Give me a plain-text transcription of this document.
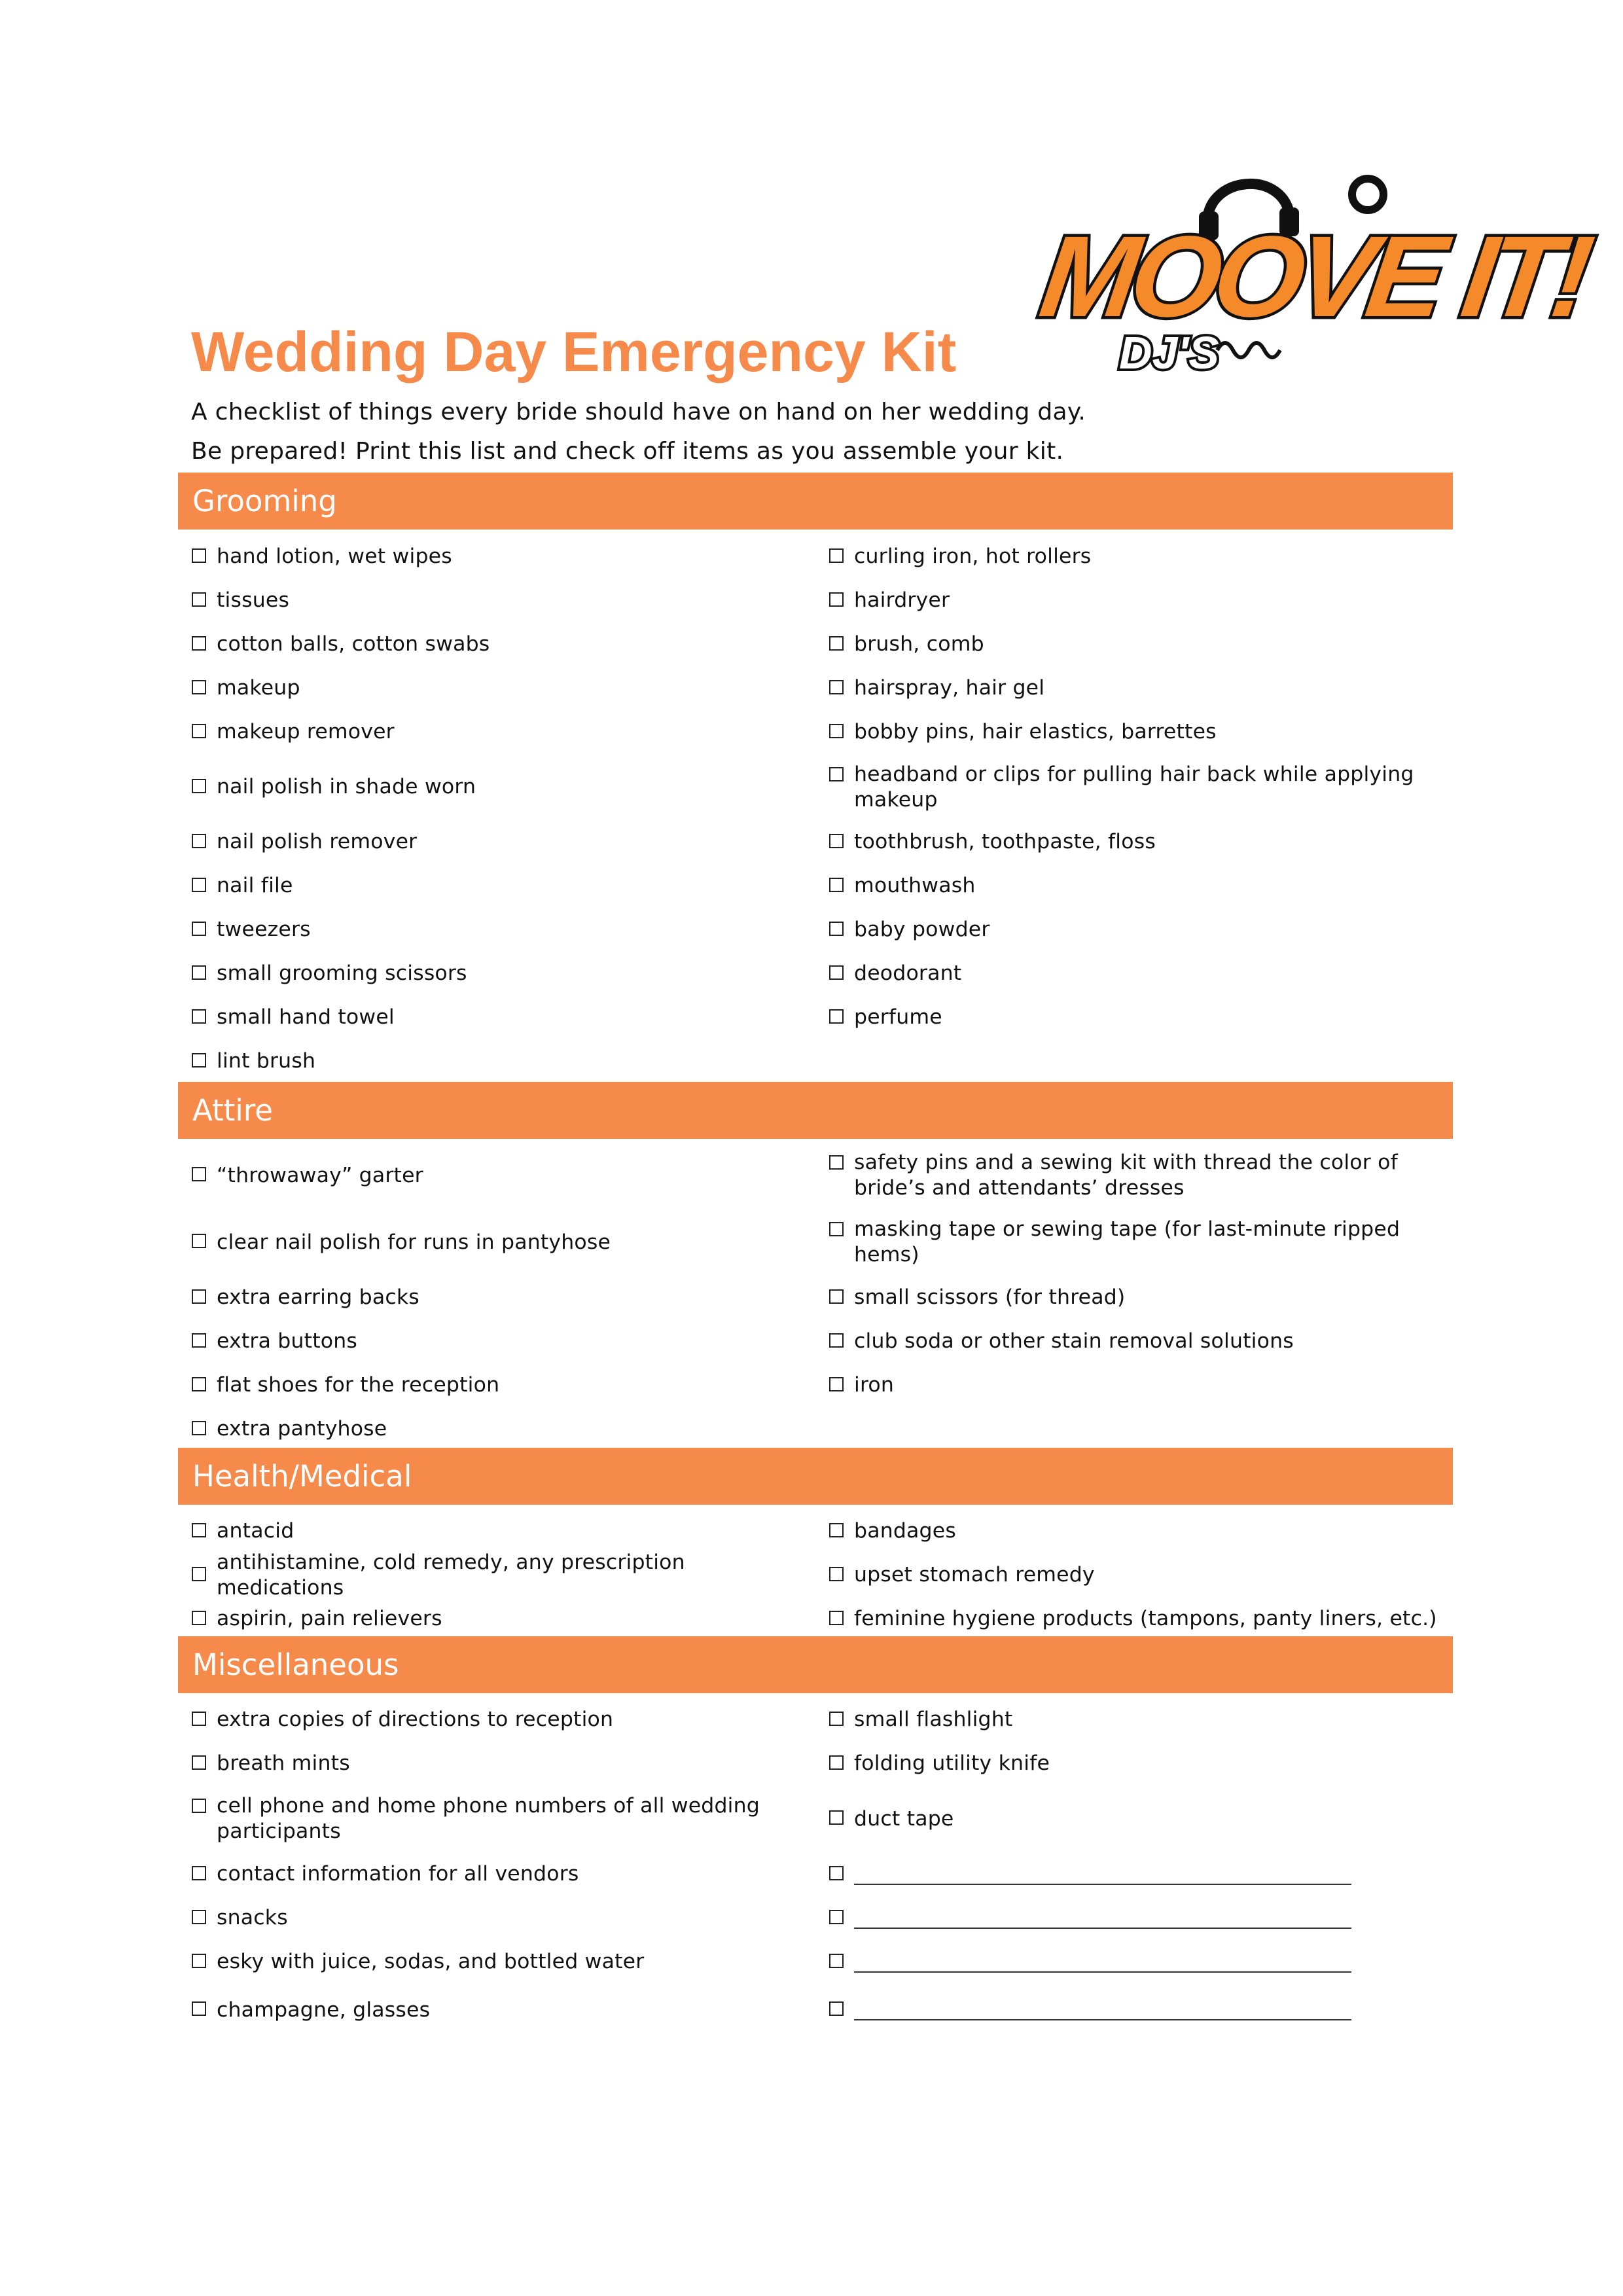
MOOVE IT!
DJ'S
Wedding Day Emergency Kit
A checklist of things every bride should have on hand on her wedding day.
Be prepared! Print this list and check off items as you assemble your kit.
Grooming
hand lotion, wet wipes
tissues
cotton balls, cotton swabs
makeup
makeup remover
nail polish in shade worn
nail polish remover
nail file
tweezers
small grooming scissors
small hand towel
lint brush
curling iron, hot rollers
hairdryer
brush, comb
hairspray, hair gel
bobby pins, hair elastics, barrettes
headband or clips for pulling hair back while applying makeup
toothbrush, toothpaste, floss
mouthwash
baby powder
deodorant
perfume
Attire
“throwaway” garter
clear nail polish for runs in pantyhose
extra earring backs
extra buttons
flat shoes for the reception
extra pantyhose
safety pins and a sewing kit with thread the color of bride’s and attendants’ dresses
masking tape or sewing tape (for last-minute ripped hems)
small scissors (for thread)
club soda or other stain removal solutions
iron
Health/Medical
antacid
antihistamine, cold remedy, any prescription medications
aspirin, pain relievers
bandages
upset stomach remedy
feminine hygiene products (tampons, panty liners, etc.)
Miscellaneous
extra copies of directions to reception
breath mints
cell phone and home phone numbers of all wedding participants
contact information for all vendors
snacks
esky with juice, sodas, and bottled water
champagne, glasses
small flashlight
folding utility knife
duct tape
